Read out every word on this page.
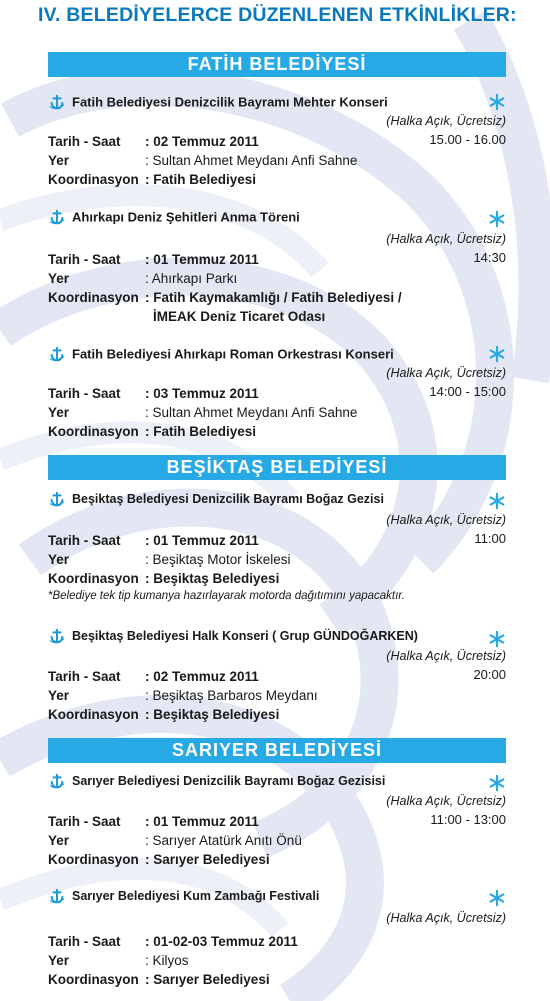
IV. BELEDİYELERCE DÜZENLENEN ETKİNLİKLER:
FATİH BELEDİYESİ
Fatih Belediyesi Denizcilik Bayramı Mehter Konseri
(Halka Açık, Ücretsiz)
15.00 - 16.00
Tarih - Saat : 02 Temmuz 2011
Yer	: Sultan Ahmet Meydanı Anfi Sahne
Koordinasyon : Fatih Belediyesi
Ahırkapı Deniz Şehitleri Anma Töreni
(Halka Açık, Ücretsiz)
14:30
Tarih - Saat : 01 Temmuz 2011
Yer	: Ahırkapı Parkı
Koordinasyon : Fatih Kaymakamlığı / Fatih Belediyesi /
İMEAK Deniz Ticaret Odası
Fatih Belediyesi Ahırkapı Roman Orkestrası Konseri
(Halka Açık, Ücretsiz)
14:00 - 15:00
Tarih - Saat : 03 Temmuz 2011
Yer	: Sultan Ahmet Meydanı Anfi Sahne
Koordinasyon : Fatih Belediyesi
BEŞİKTAŞ BELEDİYESİ
Beşiktaş Belediyesi Denizcilik Bayramı Boğaz Gezisi
(Halka Açık, Ücretsiz)
11:00
Tarih - Saat : 01 Temmuz 2011
Yer	: Beşiktaş Motor İskelesi
Koordinasyon : Beşiktaş Belediyesi
*Belediye tek tip kumanya hazırlayarak motorda dağıtımını yapacaktır.
Beşiktaş Belediyesi Halk Konseri ( Grup GÜNDOĞARKEN)
(Halka Açık, Ücretsiz)
20:00
Tarih - Saat : 02 Temmuz 2011
Yer	: Beşiktaş Barbaros Meydanı
Koordinasyon : Beşiktaş Belediyesi
SARIYER BELEDİYESİ
Sarıyer Belediyesi Denizcilik Bayramı Boğaz Gezisisi
(Halka Açık, Ücretsiz)
11:00 - 13:00
Tarih - Saat : 01 Temmuz 2011
Yer	: Sarıyer Atatürk Anıtı Önü
Koordinasyon : Sarıyer Belediyesi
Sarıyer Belediyesi Kum Zambağı Festivali
(Halka Açık, Ücretsiz)
Tarih - Saat : 01-02-03 Temmuz 2011
Yer	: Kilyos
Koordinasyon : Sarıyer Belediyesi
